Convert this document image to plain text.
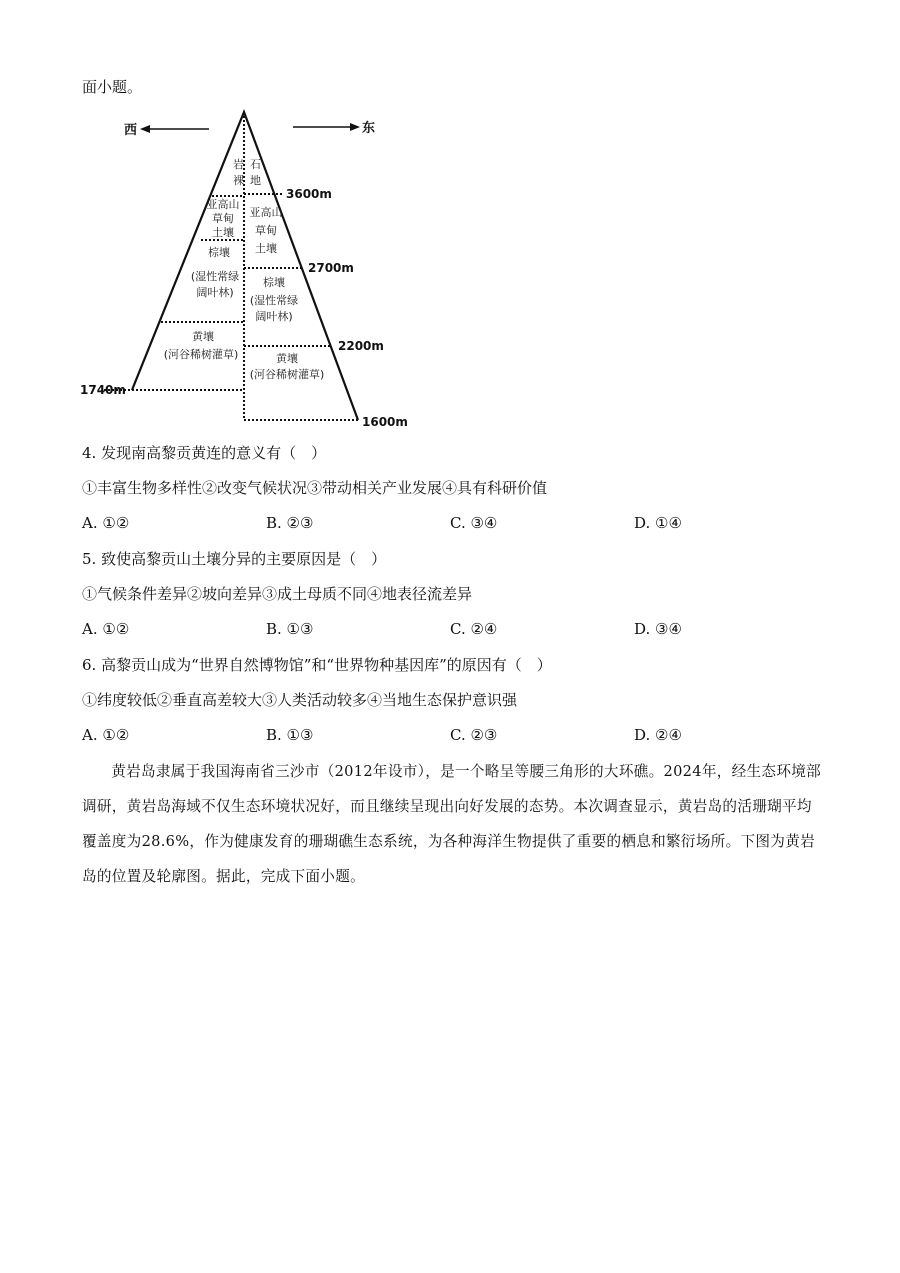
面小题。
西	东
岩
裸
石
地
亚高山
草甸
土壤
亚高山
草甸
土壤
棕壤
(湿性常绿
阔叶林)
棕壤
(湿性常绿
阔叶林)
黄壤
(河谷稀树灌草)	黄壤
(河谷稀树灌草)
3600m
2700m
2200m
1740m
1600m
4. 发现南高黎贡黄连的意义有（　）
①丰富生物多样性②改变气候状况③带动相关产业发展④具有科研价值
A. ①②	B. ②③	C. ③④	D. ①④
5. 致使高黎贡山土壤分异的主要原因是（　）
①气候条件差异②坡向差异③成土母质不同④地表径流差异
A. ①②	B. ①③	C. ②④	D. ③④
6. 高黎贡山成为“世界自然博物馆”和“世界物种基因库”的原因有（　）
①纬度较低②垂直高差较大③人类活动较多④当地生态保护意识强
A. ①②	B. ①③	C. ②③	D. ②④
黄岩岛隶属于我国海南省三沙市（2012年设市），是一个略呈等腰三角形的大环礁。2024年，经生态环境部调研，黄岩岛海域不仅生态环境状况好，而且继续呈现出向好发展的态势。本次调查显示，黄岩岛的活珊瑚平均覆盖度为28.6%，作为健康发育的珊瑚礁生态系统，为各种海洋生物提供了重要的栖息和繁衍场所。下图为黄岩岛的位置及轮廓图。据此，完成下面小题。
